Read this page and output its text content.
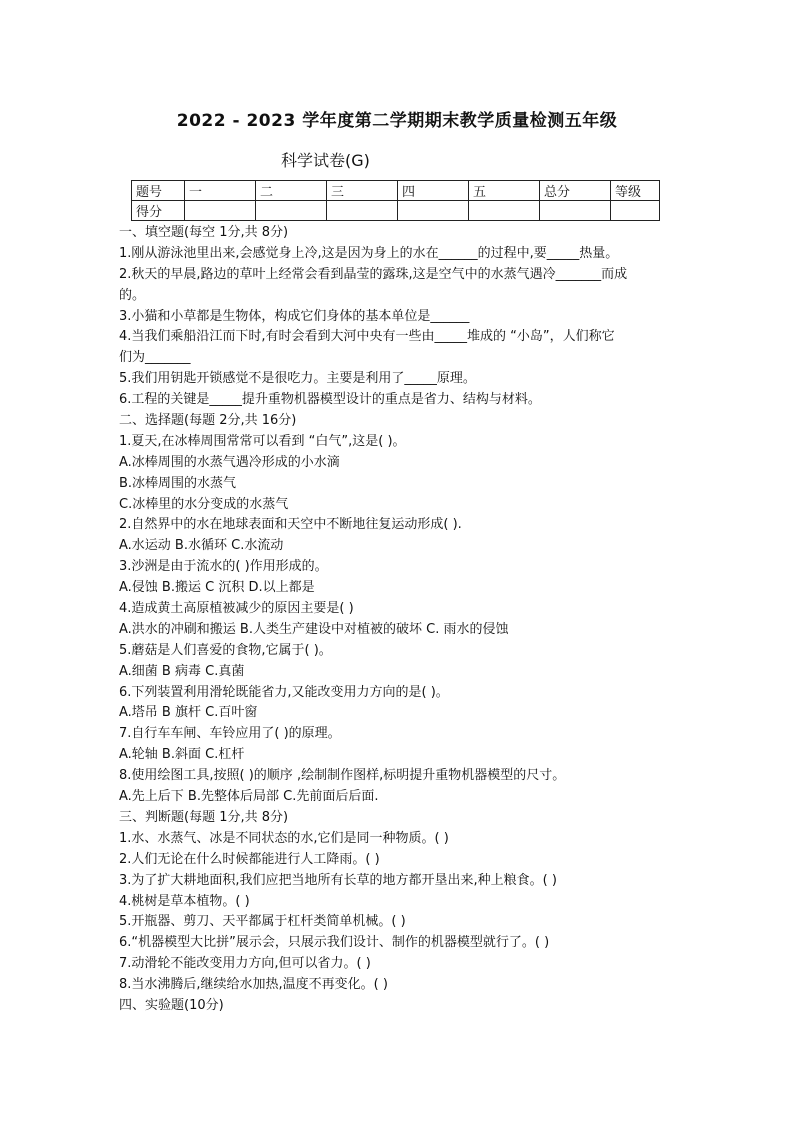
2022 - 2023 学年度第二学期期末教学质量检测五年级
科学试卷(G)
题号	一	二	三	四	五	总分	等级
得分							
一、填空题(每空 1分,共 8分)
1.刚从游泳池里出来,会感觉身上冷,这是因为身上的水在______的过程中,要_____热量。
2.秋天的早晨,路边的草叶上经常会看到晶莹的露珠,这是空气中的水蒸气遇冷_______而成
的。
3.小猫和小草都是生物体，构成它们身体的基本单位是______
4.当我们乘船沿江而下时,有时会看到大河中央有一些由_____堆成的 “小岛”，人们称它
们为_______
5.我们用钥匙开锁感觉不是很吃力。主要是利用了_____原理。
6.工程的关键是_____提升重物机器模型设计的重点是省力、结构与材料。
二、选择题(每题 2分,共 16分)
1.夏天,在冰棒周围常常可以看到 “白气”,这是( )。
A.冰棒周围的水蒸气遇冷形成的小水滴
B.冰棒周围的水蒸气
C.冰棒里的水分变成的水蒸气
2.自然界中的水在地球表面和天空中不断地往复运动形成( ).
A.水运动 B.水循环 C.水流动
3.沙洲是由于流水的( )作用形成的。
A.侵蚀 B.搬运 C 沉积 D.以上都是
4.造成黄土高原植被减少的原因主要是( )
A.洪水的冲刷和搬运 B.人类生产建设中对植被的破坏 C. 雨水的侵蚀
5.蘑菇是人们喜爱的食物,它属于( )。
A.细菌 B 病毒 C.真菌
6.下列装置利用滑轮既能省力,又能改变用力方向的是( )。
A.塔吊 B 旗杆 C.百叶窗
7.自行车车闸、车铃应用了( )的原理。
A.轮轴 B.斜面 C.杠杆
8.使用绘图工具,按照( )的顺序 ,绘制制作图样,标明提升重物机器模型的尺寸。
A.先上后下 B.先整体后局部 C.先前面后后面.
三、判断题(每题 1分,共 8分)
1.水、水蒸气、冰是不同状态的水,它们是同一种物质。( )
2.人们无论在什么时候都能进行人工降雨。( )
3.为了扩大耕地面积,我们应把当地所有长草的地方都开垦出来,种上粮食。( )
4.桃树是草本植物。( )
5.开瓶器、剪刀、天平都属于杠杆类简单机械。( )
6.“机器模型大比拼”展示会，只展示我们设计、制作的机器模型就行了。( )
7.动滑轮不能改变用力方向,但可以省力。( )
8.当水沸腾后,继续给水加热,温度不再变化。( )
四、实验题(10分)
